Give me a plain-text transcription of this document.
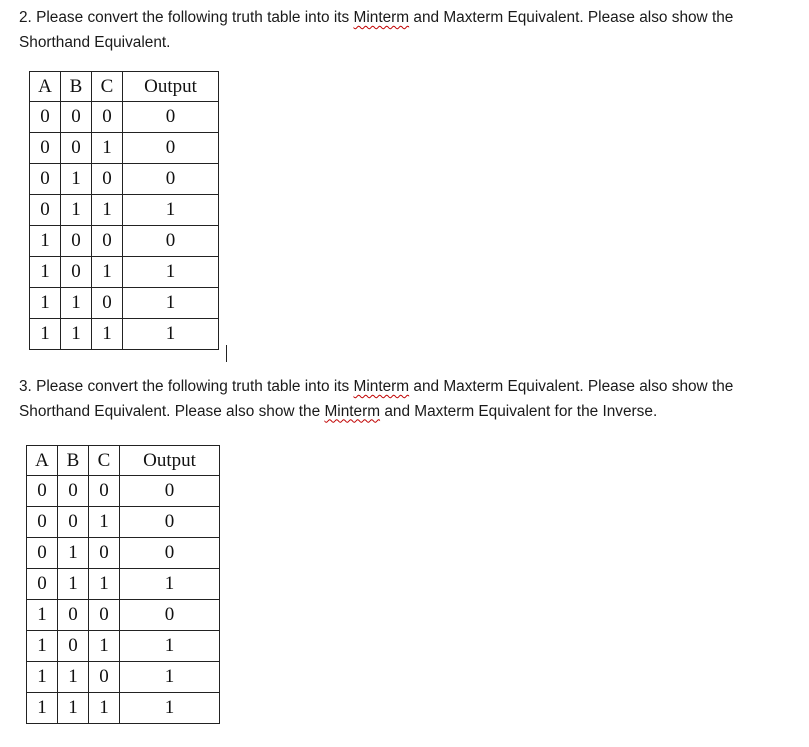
2. Please convert the following truth table into its Minterm and Maxterm Equivalent. Please also show the Shorthand Equivalent.

A	B	C	Output
0	0	0	0
0	0	1	0
0	1	0	0
0	1	1	1
1	0	0	0
1	0	1	1
1	1	0	1
1	1	1	1

3. Please convert the following truth table into its Minterm and Maxterm Equivalent. Please also show the Shorthand Equivalent. Please also show the Minterm and Maxterm Equivalent for the Inverse.

A	B	C	Output
0	0	0	0
0	0	1	0
0	1	0	0
0	1	1	1
1	0	0	0
1	0	1	1
1	1	0	1
1	1	1	1
